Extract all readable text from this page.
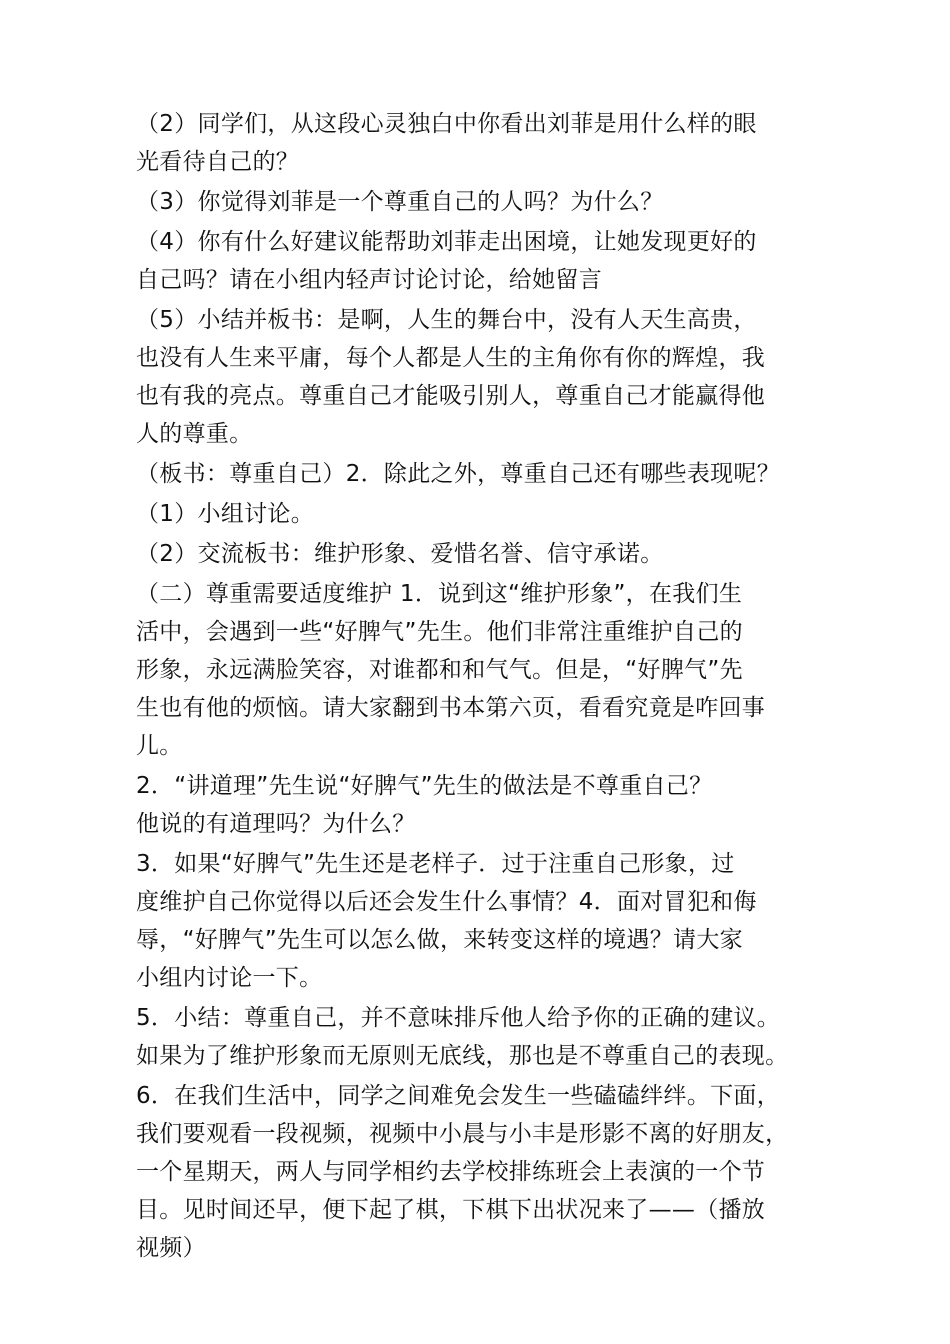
（2）同学们，从这段心灵独白中你看出刘菲是用什么样的眼
光看待自己的？

（3）你觉得刘菲是一个尊重自己的人吗？为什么？

（4）你有什么好建议能帮助刘菲走出困境，让她发现更好的
自己吗？请在小组内轻声讨论讨论，给她留言

（5）小结并板书：是啊，人生的舞台中，没有人天生高贵，
也没有人生来平庸，每个人都是人生的主角你有你的辉煌，我
也有我的亮点。尊重自己才能吸引别人，尊重自己才能赢得他
人的尊重。

（板书：尊重自己）2．除此之外，尊重自己还有哪些表现呢？

（1）小组讨论。

（2）交流板书：维护形象、爱惜名誉、信守承诺。

（二）尊重需要适度维护 1．说到这“维护形象”，在我们生
活中，会遇到一些“好脾气”先生。他们非常注重维护自己的
形象，永远满脸笑容，对谁都和和气气。但是，“好脾气”先
生也有他的烦恼。请大家翻到书本第六页，看看究竟是咋回事
儿。

2．“讲道理”先生说“好脾气”先生的做法是不尊重自己？
他说的有道理吗？为什么？

3．如果“好脾气”先生还是老样子．过于注重自己形象，过
度维护自己你觉得以后还会发生什么事情？4．面对冒犯和侮
辱，“好脾气”先生可以怎么做，来转变这样的境遇？请大家
小组内讨论一下。

5．小结：尊重自己，并不意味排斥他人给予你的正确的建议。
如果为了维护形象而无原则无底线，那也是不尊重自己的表现。

6．在我们生活中，同学之间难免会发生一些磕磕绊绊。下面，
我们要观看一段视频，视频中小晨与小丰是形影不离的好朋友，
一个星期天，两人与同学相约去学校排练班会上表演的一个节
目。见时间还早，便下起了棋，下棋下出状况来了——（播放
视频）
